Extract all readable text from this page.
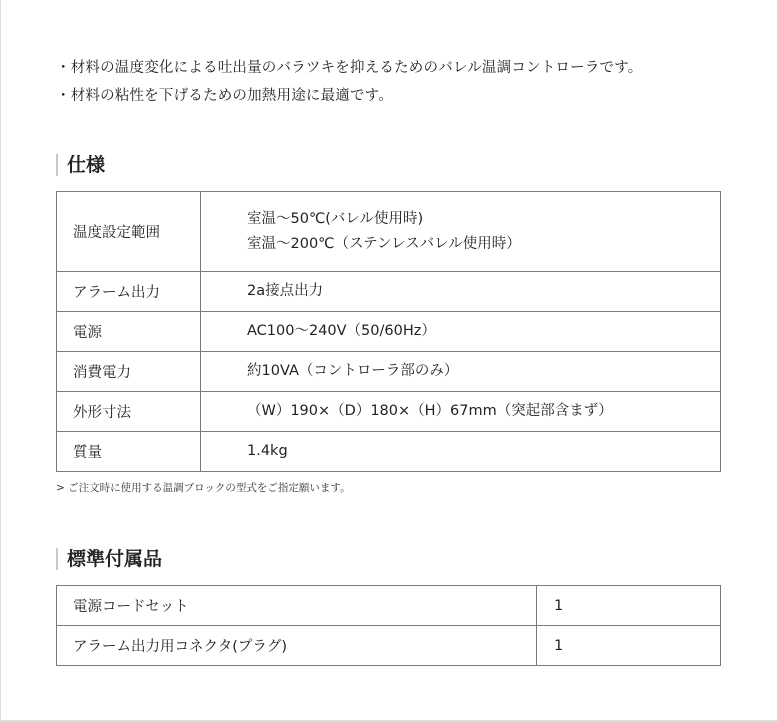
・材料の温度変化による吐出量のバラツキを抑えるためのバレル温調コントローラです。
・材料の粘性を下げるための加熱用途に最適です。
仕様
温度設定範囲	室温〜50℃(バレル使用時)
室温〜200℃（ステンレスバレル使用時）

アラーム出力	2a接点出力
電源	AC100〜240V（50/60Hz）
消費電力	約10VA（コントローラ部のみ）
外形寸法	（W）190×（D）180×（H）67mm（突起部含まず）
質量	1.4kg
> ご注文時に使用する温調ブロックの型式をご指定願います。
標準付属品
電源コードセット	1
アラーム出力用コネクタ(プラグ)	1
